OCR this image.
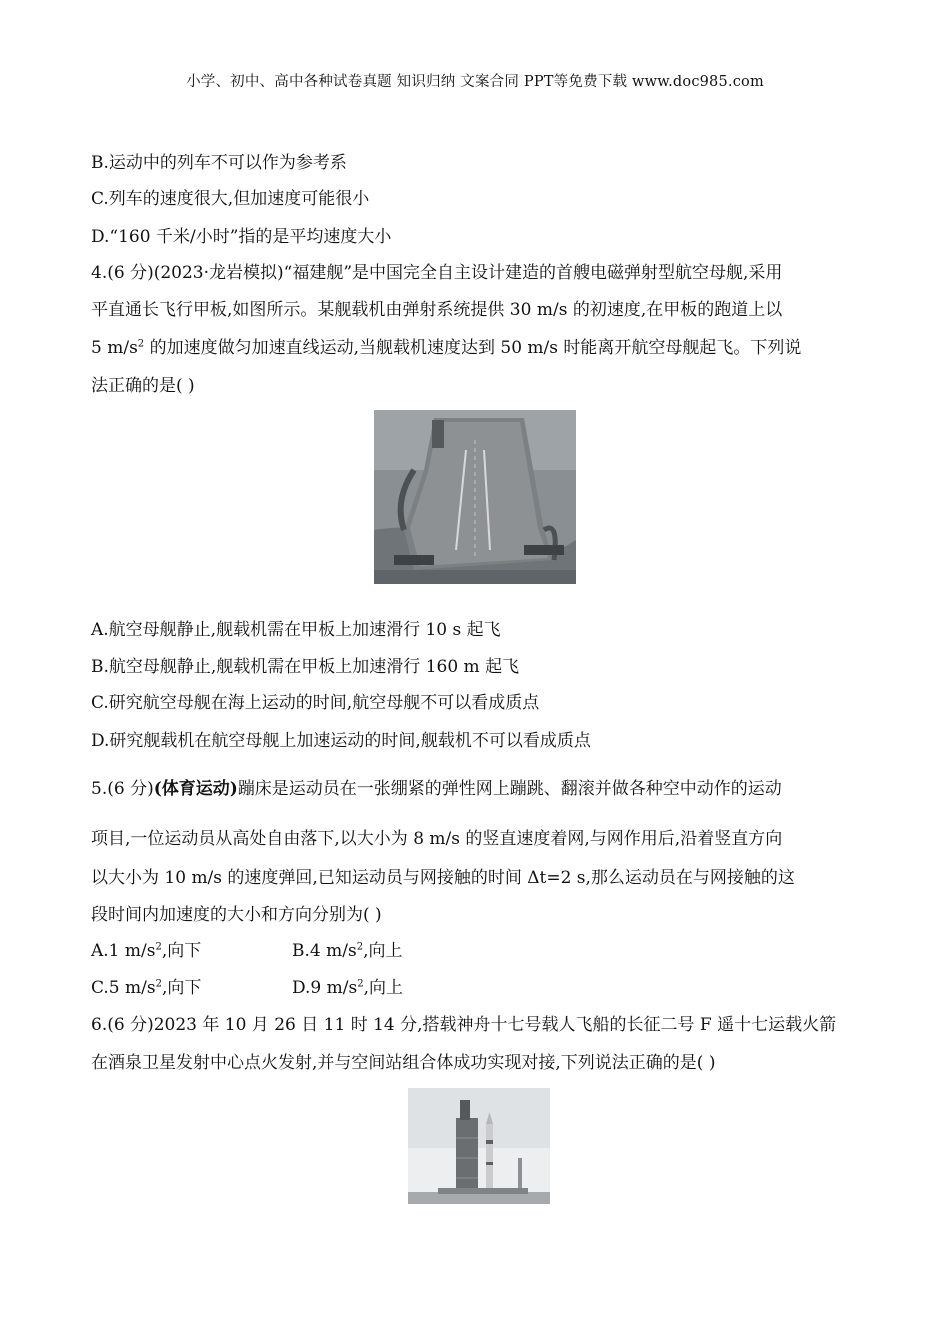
小学、初中、高中各种试卷真题 知识归纳 文案合同 PPT等免费下载 www.doc985.com
B.运动中的列车不可以作为参考系
C.列车的速度很大,但加速度可能很小
D.“160 千米/小时”指的是平均速度大小
4.(6 分)(2023·龙岩模拟)“福建舰”是中国完全自主设计建造的首艘电磁弹射型航空母舰,采用
平直通长飞行甲板,如图所示。某舰载机由弹射系统提供 30 m/s 的初速度,在甲板的跑道上以
5 $m/s^2$ 的加速度做匀加速直线运动,当舰载机速度达到 50 m/s 时能离开航空母舰起飞。下列说
法正确的是( )
A.航空母舰静止,舰载机需在甲板上加速滑行 10 s 起飞
B.航空母舰静止,舰载机需在甲板上加速滑行 160 m 起飞
C.研究航空母舰在海上运动的时间,航空母舰不可以看成质点
D.研究舰载机在航空母舰上加速运动的时间,舰载机不可以看成质点
5.(6 分)(体育运动)蹦床是运动员在一张绷紧的弹性网上蹦跳、翻滚并做各种空中动作的运动
项目,一位运动员从高处自由落下,以大小为 8 m/s 的竖直速度着网,与网作用后,沿着竖直方向
以大小为 10 m/s 的速度弹回,已知运动员与网接触的时间 Δt=2 s,那么运动员在与网接触的这
段时间内加速度的大小和方向分别为( )
A.1 $m/s^2$,向下	B.4 $m/s^2$,向上
C.5 $m/s^2$,向下	D.9 $m/s^2$,向上
6.(6 分)2023 年 10 月 26 日 11 时 14 分,搭载神舟十七号载人飞船的长征二号 F 遥十七运载火箭
在酒泉卫星发射中心点火发射,并与空间站组合体成功实现对接,下列说法正确的是( )
